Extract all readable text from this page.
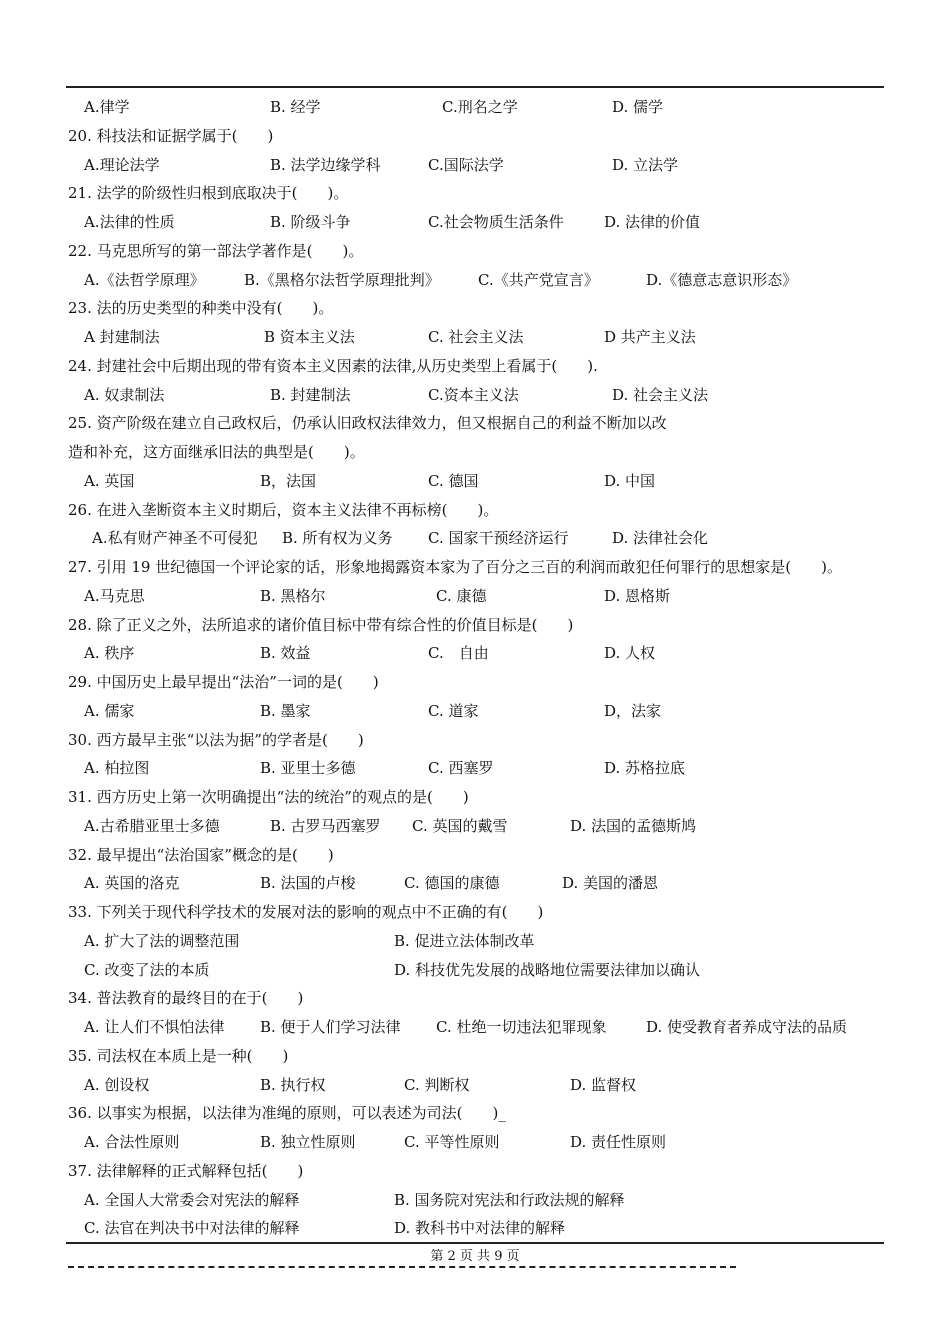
A.律学	B. 经学	C.刑名之学	D. 儒学
20. 科技法和证据学属于(　　)
A.理论法学	B. 法学边缘学科	C.国际法学	D. 立法学
21. 法学的阶级性归根到底取决于(　　)。
A.法律的性质	B. 阶级斗争	C.社会物质生活条件	D. 法律的价值
22. 马克思所写的第一部法学著作是(　　)。
A.《法哲学原理》	B.《黑格尔法哲学原理批判》	C.《共产党宣言》	D.《德意志意识形态》
23. 法的历史类型的种类中没有(　　)。
A 封建制法	B 资本主义法	C. 社会主义法	D 共产主义法
24. 封建社会中后期出现的带有资本主义因素的法律,从历史类型上看属于(　　).
A. 奴隶制法	B. 封建制法	C.资本主义法	D. 社会主义法
25. 资产阶级在建立自己政权后，仍承认旧政权法律效力，但又根据自己的利益不断加以改
造和补充，这方面继承旧法的典型是(　　)。
A. 英国	B，法国	C. 德国	D. 中国
26. 在进入垄断资本主义时期后，资本主义法律不再标榜(　　)。
A.私有财产神圣不可侵犯 B. 所有权为义务 C. 国家干预经济运行	D. 法律社会化
27. 引用 19 世纪德国一个评论家的话，形象地揭露资本家为了百分之三百的利润而敢犯任何罪行的思想家是(　　)。
A.马克思	B. 黑格尔	C. 康德	D. 恩格斯
28. 除了正义之外，法所追求的诸价值目标中带有综合性的价值目标是(　　)
A. 秩序	B. 效益	C.　自由	D. 人权
29. 中国历史上最早提出“法治”一词的是(　　)
A. 儒家	B. 墨家	C. 道家	D，法家
30. 西方最早主张“以法为据”的学者是(　　)
A. 柏拉图	B. 亚里士多德	C. 西塞罗	D. 苏格拉底
31. 西方历史上第一次明确提出“法的统治”的观点的是(　　)
A.古希腊亚里士多德	B. 古罗马西塞罗 C. 英国的戴雪	D. 法国的孟德斯鸠
32. 最早提出“法治国家”概念的是(　　)
A. 英国的洛克	B. 法国的卢梭	C. 德国的康德	D. 美国的潘恩
33. 下列关于现代科学技术的发展对法的影响的观点中不正确的有(　　)
A. 扩大了法的调整范围	B. 促进立法体制改革
C. 改变了法的本质	D. 科技优先发展的战略地位需要法律加以确认
34. 普法教育的最终目的在于(　　)
A. 让人们不惧怕法律 B. 便于人们学习法律 C. 杜绝一切违法犯罪现象	D. 使受教育者养成守法的品质
35. 司法权在本质上是一种(　　)
A. 创设权	B. 执行权	C. 判断权	D. 监督权
36. 以事实为根据，以法律为准绳的原则，可以表述为司法(　　)_
A. 合法性原则	B. 独立性原则	C. 平等性原则	D. 责任性原则
37. 法律解释的正式解释包括(　　)
A. 全国人大常委会对宪法的解释	B. 国务院对宪法和行政法规的解释
C. 法官在判决书中对法律的解释	D. 教科书中对法律的解释
第 2 页 共 9 页
